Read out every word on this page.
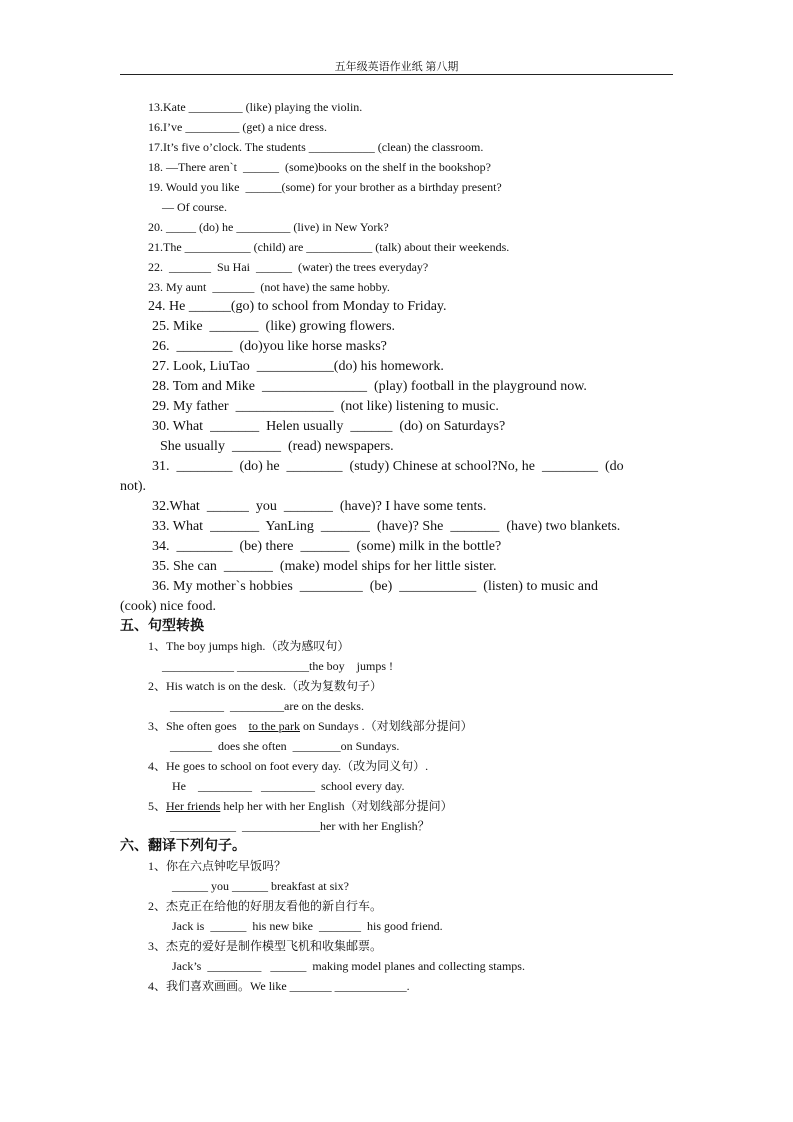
五年级英语作业纸 第八期
13.Kate _________ (like) playing the violin.
16.I’ve _________ (get) a nice dress.
17.It’s five o’clock. The students ___________ (clean) the classroom.
18. —There aren`t  ______  (some)books on the shelf in the bookshop?
19. Would you like  ______(some) for your brother as a birthday present?
— Of course.
20. _____ (do) he _________ (live) in New York?
21.The ___________ (child) are ___________ (talk) about their weekends.
22.  _______  Su Hai  ______  (water) the trees everyday?
23. My aunt  _______  (not have) the same hobby.
24. He ______(go) to school from Monday to Friday.
25. Mike  _______  (like) growing flowers.
26.  ________  (do)you like horse masks?
27. Look, LiuTao  ___________(do) his homework.
28. Tom and Mike  _______________  (play) football in the playground now.
29. My father  ______________  (not like) listening to music.
30. What  _______  Helen usually  ______  (do) on Saturdays?
She usually  _______  (read) newspapers.
31.  ________  (do) he  ________  (study) Chinese at school?No, he  ________  (do
not).
32.What  ______  you  _______  (have)? I have some tents.
33. What  _______  YanLing  _______  (have)? She  _______  (have) two blankets.
34.  ________  (be) there  _______  (some) milk in the bottle?
35. She can  _______  (make) model ships for her little sister.
36. My mother`s hobbies  _________  (be)  ___________  (listen) to music and
(cook) nice food.
五、句型转换
1、The boy jumps high.（改为感叹句）
____________ ____________the boy    jumps !
2、His watch is on the desk.（改为复数句子）
_________  _________are on the desks.
3、She often goes    to the park on Sundays .（对划线部分提问）
_______  does she often  ________on Sundays.
4、He goes to school on foot every day.（改为同义句）.
He    _________   _________  school every day.
5、Her friends help her with her English（对划线部分提问）
___________  _____________her with her English？
六、翻译下列句子。
1、你在六点钟吃早饭吗？
______ you ______ breakfast at six?
2、杰克正在给他的好朋友看他的新自行车。
Jack is  ______  his new bike  _______  his good friend.
3、杰克的爱好是制作模型飞机和收集邮票。
Jack’s  _________   ______  making model planes and collecting stamps.
4、我们喜欢画画。We like _______ ____________.
